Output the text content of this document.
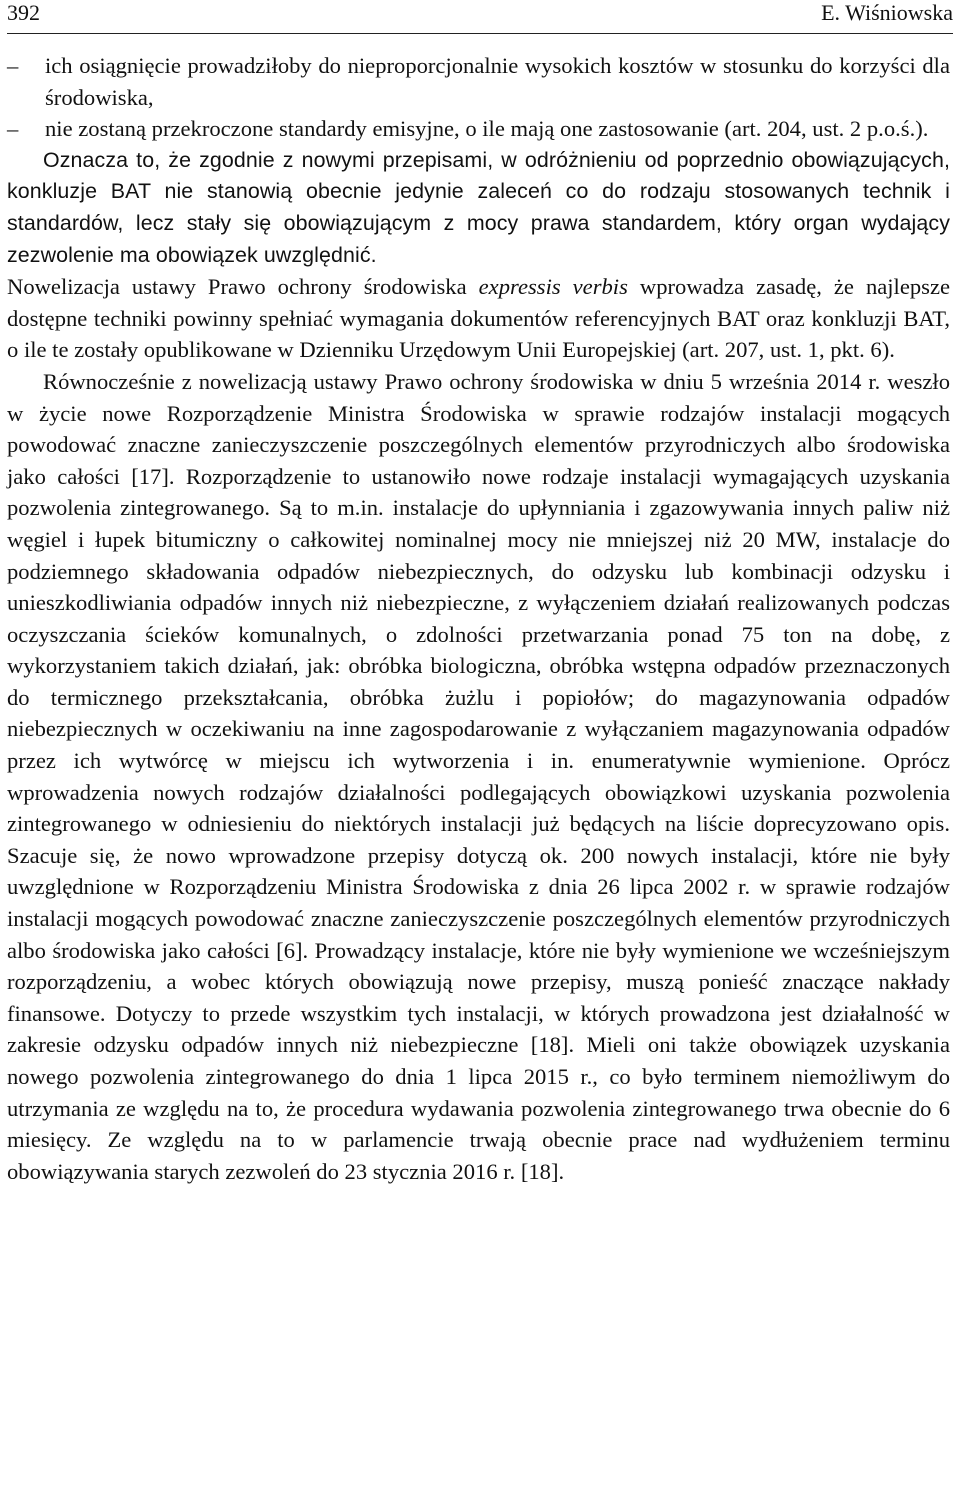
392	E. Wiśniowska
–	ich osiągnięcie prowadziłoby do nieproporcjonalnie wysokich kosztów w stosunku do korzyści dla środowiska,
–	nie zostaną przekroczone standardy emisyjne, o ile mają one zastosowanie (art. 204, ust. 2 p.o.ś.).

Oznacza to, że zgodnie z nowymi przepisami, w odróżnieniu od poprzednio obowiązujących, konkluzje BAT nie stanowią obecnie jedynie zaleceń co do rodzaju stosowanych technik i standardów, lecz stały się obowiązującym z mocy prawa standardem, który organ wydający zezwolenie ma obowiązek uwzględnić.

Nowelizacja ustawy Prawo ochrony środowiska expressis verbis wprowadza zasadę, że najlepsze dostępne techniki powinny spełniać wymagania dokumentów referencyjnych BAT oraz konkluzji BAT, o ile te zostały opublikowane w Dzienniku Urzędowym Unii Europejskiej (art. 207, ust. 1, pkt. 6).

Równocześnie z nowelizacją ustawy Prawo ochrony środowiska w dniu 5 września 2014 r. weszło w życie nowe Rozporządzenie Ministra Środowiska w sprawie rodzajów instalacji mogących powodować znaczne zanieczyszczenie poszczególnych elementów przyrodniczych albo środowiska jako całości [17]. Rozporządzenie to ustanowiło nowe rodzaje instalacji wymagających uzyskania pozwolenia zintegrowanego. Są to m.in. instalacje do upłynniania i zgazowywania innych paliw niż węgiel i łupek bitumiczny o całkowitej nominalnej mocy nie mniejszej niż 20 MW, instalacje do podziemnego składowania odpadów niebezpiecznych, do odzysku lub kombinacji odzysku i unieszkodliwiania odpadów innych niż niebezpieczne, z wyłączeniem działań realizowanych podczas oczyszczania ścieków komunalnych, o zdolności przetwarzania ponad 75 ton na dobę, z wykorzystaniem takich działań, jak: obróbka biologiczna, obróbka wstępna odpadów przeznaczonych do termicznego przekształcania, obróbka żużlu i popiołów; do magazynowania odpadów niebezpiecznych w oczekiwaniu na inne zagospodarowanie z wyłączaniem magazynowania odpadów przez ich wytwórcę w miejscu ich wytworzenia i in. enumeratywnie wymienione. Oprócz wprowadzenia nowych rodzajów działalności podlegających obowiązkowi uzyskania pozwolenia zintegrowanego w odniesieniu do niektórych instalacji już będących na liście doprecyzowano opis. Szacuje się, że nowo wprowadzone przepisy dotyczą ok. 200 nowych instalacji, które nie były uwzględnione w Rozporządzeniu Ministra Środowiska z dnia 26 lipca 2002 r. w sprawie rodzajów instalacji mogących powodować znaczne zanieczyszczenie poszczególnych elementów przyrodniczych albo środowiska jako całości [6]. Prowadzący instalacje, które nie były wymienione we wcześniejszym rozporządzeniu, a wobec których obowiązują nowe przepisy, muszą ponieść znaczące nakłady finansowe. Dotyczy to przede wszystkim tych instalacji, w których prowadzona jest działalność w zakresie odzysku odpadów innych niż niebezpieczne [18]. Mieli oni także obowiązek uzyskania nowego pozwolenia zintegrowanego do dnia 1 lipca 2015 r., co było terminem niemożliwym do utrzymania ze względu na to, że procedura wydawania pozwolenia zintegrowanego trwa obecnie do 6 miesięcy. Ze względu na to w parlamencie trwają obecnie prace nad wydłużeniem terminu obowiązywania starych zezwoleń do 23 stycznia 2016 r. [18].
